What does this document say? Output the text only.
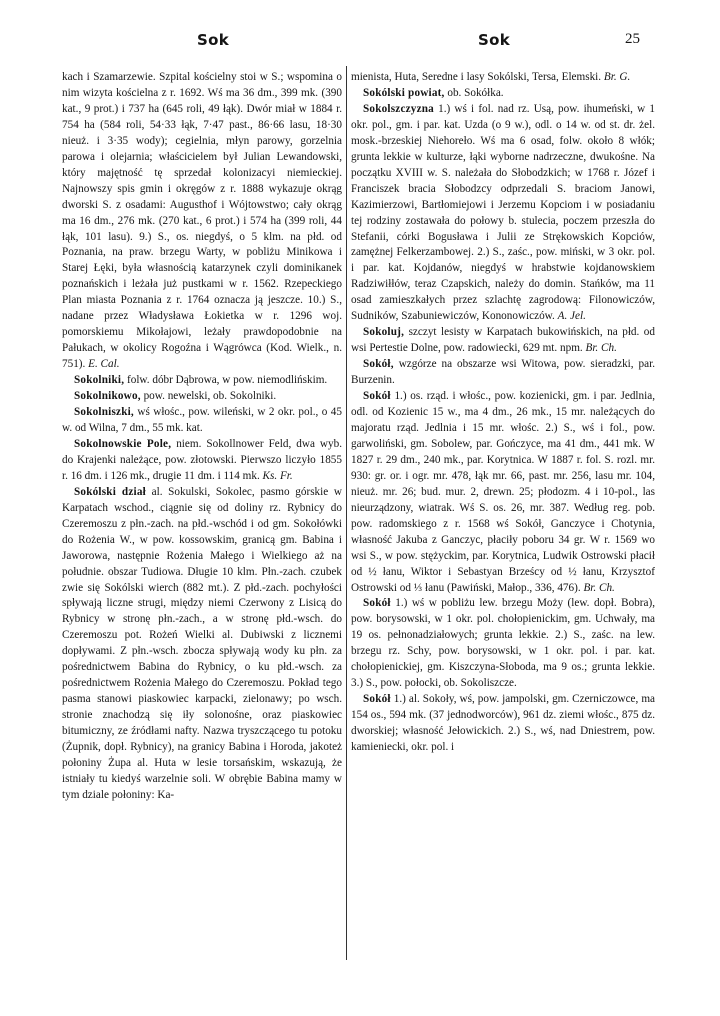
Sok	Sok	25

kach i Szamarzewie. Szpital kościelny stoi w S.; wspomina o nim wizyta kościelna z r. 1692. Wś ma 36 dm., 399 mk. (390 kat., 9 prot.) i 737 ha (645 roli, 49 łąk). Dwór miał w 1884 r. 754 ha (584 roli, 54·33 łąk, 7·47 past., 86·66 lasu, 18·30 nieuż. i 3·35 wody); cegielnia, młyn parowy, gorzelnia parowa i olejarnia; właścicielem był Julian Lewandowski, który majętność tę sprzedał kolonizacyi niemieckiej. Najnowszy spis gmin i okręgów z r. 1888 wykazuje okrąg dworski S. z osadami: Augusthof i Wójtowstwo; cały okrąg ma 16 dm., 276 mk. (270 kat., 6 prot.) i 574 ha (399 roli, 44 łąk, 101 lasu). 9.) S., os. niegdyś, o 5 klm. na płd. od Poznania, na praw. brzegu Warty, w pobliżu Minikowa i Starej Łęki, była własnością katarzynek czyli dominikanek poznańskich i leżała już pustkami w r. 1562. Rzepeckiego Plan miasta Poznania z r. 1764 oznacza ją jeszcze. 10.) S., nadane przez Władysława Łokietka w r. 1296 woj. pomorskiemu Mikołajowi, leżały prawdopodobnie na Pałukach, w okolicy Rogoźna i Wągrówca (Kod. Wielk., n. 751). E. Cal.

Sokolniki, folw. dóbr Dąbrowa, w pow. niemodlińskim.

Sokolnikowo, pow. newelski, ob. Sokolniki.

Sokolniszki, wś włośc., pow. wileński, w 2 okr. pol., o 45 w. od Wilna, 7 dm., 55 mk. kat.

Sokolnowskie Pole, niem. Sokollnower Feld, dwa wyb. do Krajenki należące, pow. złotowski. Pierwszo liczyło 1855 r. 16 dm. i 126 mk., drugie 11 dm. i 114 mk. Ks. Fr.

Sokólski dział al. Sokulski, Sokolec, pasmo górskie w Karpatach wschod., ciągnie się od doliny rz. Rybnicy do Czeremoszu z płn.-zach. na płd.-wschód i od gm. Sokołówki do Rożenia W., w pow. kossowskim, granicą gm. Babina i Jaworowa, następnie Rożenia Małego i Wielkiego aż na południe. obszar Tudiowa. Długie 10 klm. Płn.-zach. czubek zwie się Sokólski wierch (882 mt.). Z płd.-zach. pochyłości spływają liczne strugi, między niemi Czerwony z Lisicą do Rybnicy w stronę płn.-zach., a w stronę płd.-wsch. do Czeremoszu pot. Rożeń Wielki al. Dubiwski z licznemi dopływami. Z płn.-wsch. zbocza spływają wody ku płn. za pośrednictwem Babina do Rybnicy, o ku płd.-wsch. za pośrednictwem Rożenia Małego do Czeremoszu. Pokład tego pasma stanowi piaskowiec karpacki, zielonawy; po wsch. stronie znachodzą się iły solonośne, oraz piaskowiec bitumiczny, ze źródłami nafty. Nazwa tryszczącego tu potoku (Żupnik, dopł. Rybnicy), na granicy Babina i Horoda, jakoteż połoniny Żupa al. Huta w lesie torsańskim, wskazują, że istniały tu kiedyś warzelnie soli. W obrębie Babina mamy w tym dziale połoniny: Ka-

mienista, Huta, Seredne i lasy Sokólski, Tersa, Elemski. Br. G.

Sokólski powiat, ob. Sokółka.

Sokolszczyzna 1.) wś i fol. nad rz. Usą, pow. ihumeński, w 1 okr. pol., gm. i par. kat. Uzda (o 9 w.), odl. o 14 w. od st. dr. żel. mosk.-brzeskiej Niehoreło. Wś ma 6 osad, folw. około 8 włók; grunta lekkie w kulturze, łąki wyborne nadrzeczne, dwukośne. Na początku XVIII w. S. należała do Słobodzkich; w 1768 r. Józef i Franciszek bracia Słobodzcy odprzedali S. braciom Janowi, Kazimierzowi, Bartłomiejowi i Jerzemu Kopciom i w posiadaniu tej rodziny zostawała do połowy b. stulecia, poczem przeszła do Stefanii, córki Bogusława i Julii ze Strękowskich Kopciów, zamężnej Felkerzambowej. 2.) S., zaśc., pow. miński, w 3 okr. pol. i par. kat. Kojdanów, niegdyś w hrabstwie kojdanowskiem Radziwiłłów, teraz Czapskich, należy do domin. Stańków, ma 11 osad zamieszkałych przez szlachtę zagrodową: Filonowiczów, Sudników, Szabuniewiczów, Kononowiczów. A. Jel.

Sokoluj, szczyt lesisty w Karpatach bukowińskich, na płd. od wsi Pertestie Dolne, pow. radowiecki, 629 mt. npm. Br. Ch.

Sokół, wzgórze na obszarze wsi Witowa, pow. sieradzki, par. Burzenin.

Sokół 1.) os. rząd. i włośc., pow. kozienicki, gm. i par. Jedlnia, odl. od Kozienic 15 w., ma 4 dm., 26 mk., 15 mr. należących do majoratu rząd. Jedlnia i 15 mr. włośc. 2.) S., wś i fol., pow. garwoliński, gm. Sobolew, par. Gończyce, ma 41 dm., 441 mk. W 1827 r. 29 dm., 240 mk., par. Korytnica. W 1887 r. fol. S. rozl. mr. 930: gr. or. i ogr. mr. 478, łąk mr. 66, past. mr. 256, lasu mr. 104, nieuż. mr. 26; bud. mur. 2, drewn. 25; płodozm. 4 i 10-pol., las nieurządzony, wiatrak. Wś S. os. 26, mr. 387. Według reg. pob. pow. radomskiego z r. 1568 wś Sokół, Ganczyce i Chotynia, własność Jakuba z Ganczyc, płaciły poboru 34 gr. W r. 1569 wo wsi S., w pow. stężyckim, par. Korytnica, Ludwik Ostrowski płacił od ½ łanu, Wiktor i Sebastyan Brześcy od ½ łanu, Krzysztof Ostrowski od ⅓ łanu (Pawiński, Małop., 336, 476). Br. Ch.

Sokół 1.) wś w pobliżu lew. brzegu Moży (lew. dopł. Bobra), pow. borysowski, w 1 okr. pol. chołopienickim, gm. Uchwały, ma 19 os. pełnonadziałowych; grunta lekkie. 2.) S., zaśc. na lew. brzegu rz. Schy, pow. borysowski, w 1 okr. pol. i par. kat. chołopienickiej, gm. Kiszczyna-Słoboda, ma 9 os.; grunta lekkie. 3.) S., pow. połocki, ob. Sokoliszcze.

Sokół 1.) al. Sokoły, wś, pow. jampolski, gm. Czerniczowce, ma 154 os., 594 mk. (37 jednodworców), 961 dz. ziemi włośc., 875 dz. dworskiej; własność Jełowickich. 2.) S., wś, nad Dniestrem, pow. kamieniecki, okr. pol. i
